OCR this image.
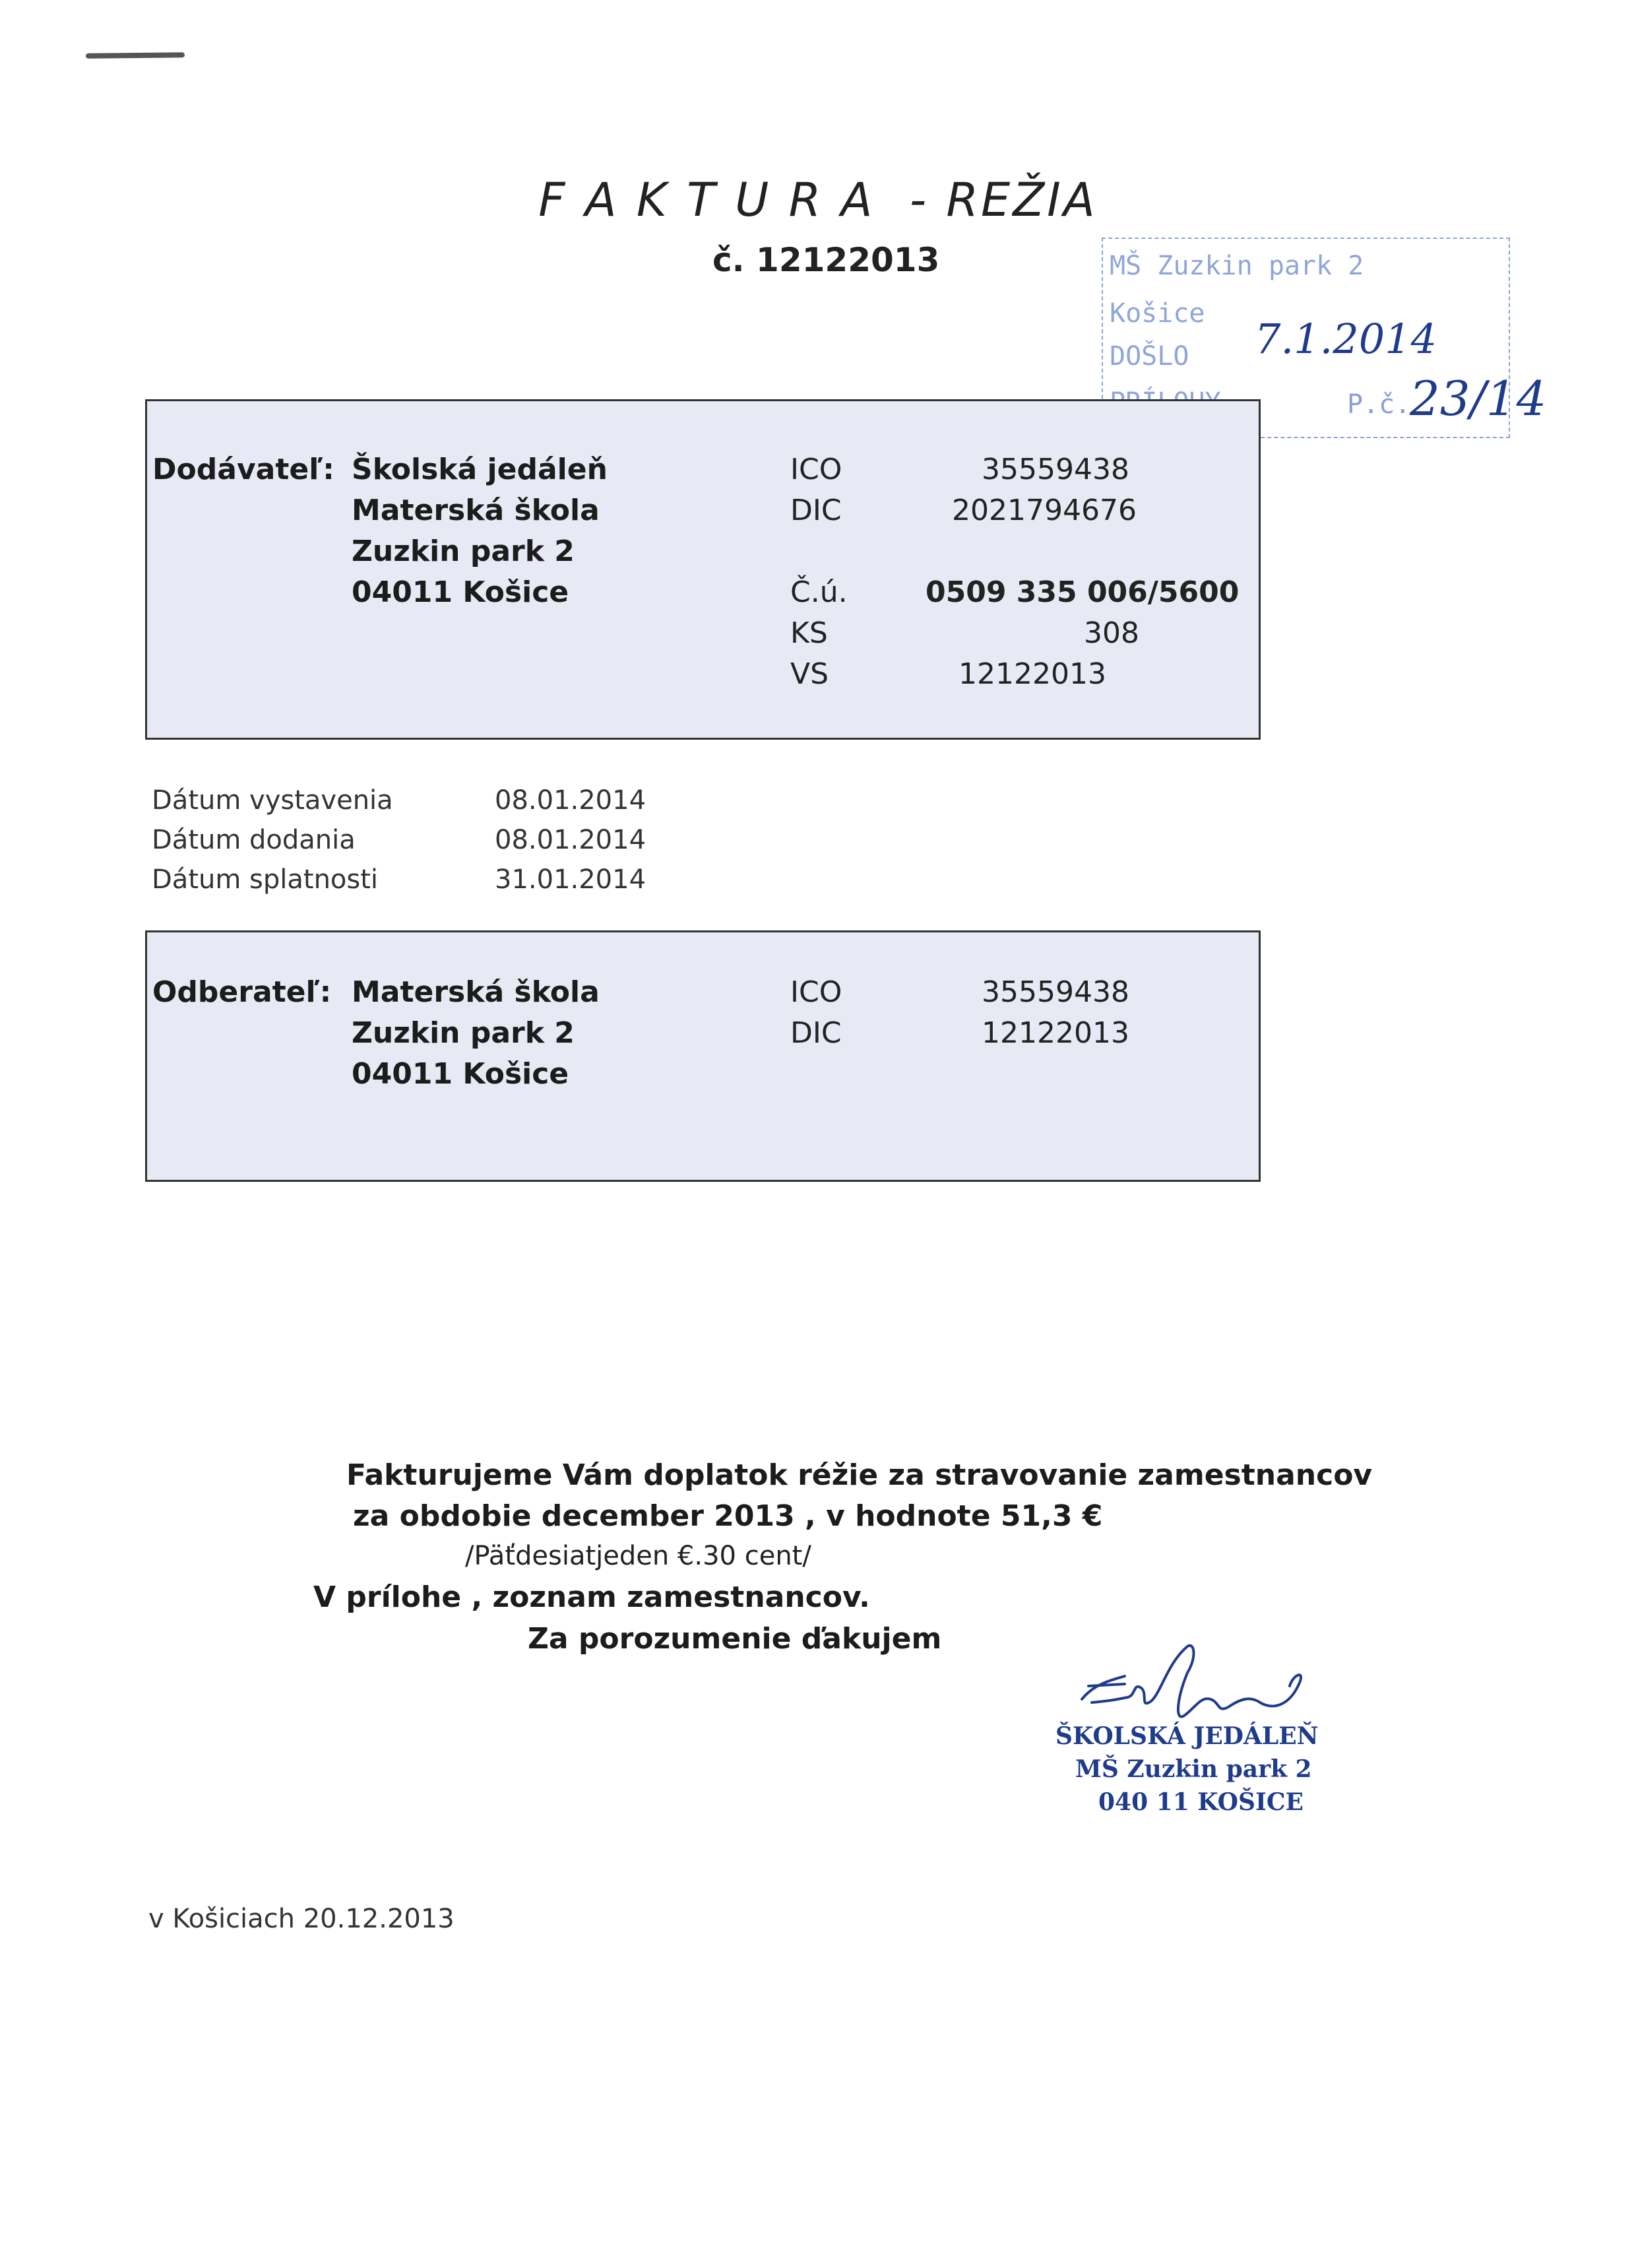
F A K T U R A  - REŽIA
č. 12122013	MŠ Zuzkin park 2
Košice
DOŠLO 7.1.2014
P.č.
23/14
Dodávateľ: Školská jedáleň
Materská škola
Zuzkin park 2
04011 Košice
ICO	35559438
DIC	2021794676
Č.ú.	0509 335 006/5600
KS	308
VS	12122013
Dátum vystavenia	08.01.2014
Dátum dodania	08.01.2014
Dátum splatnosti	31.01.2014
Odberateľ: Materská škola
Zuzkin park 2
04011 Košice
ICO	35559438
DIC	12122013
Fakturujeme Vám doplatok réžie za stravovanie zamestnancov
za obdobie december 2013 , v hodnote 51,3 €
/Päťdesiatjeden €.30 cent/
V prílohe , zoznam zamestnancov.
Za porozumenie ďakujem
ŠKOLSKÁ JEDÁLEŇ
MŠ Zuzkin park 2
040 11 KOŠICE
v Košiciach 20.12.2013
